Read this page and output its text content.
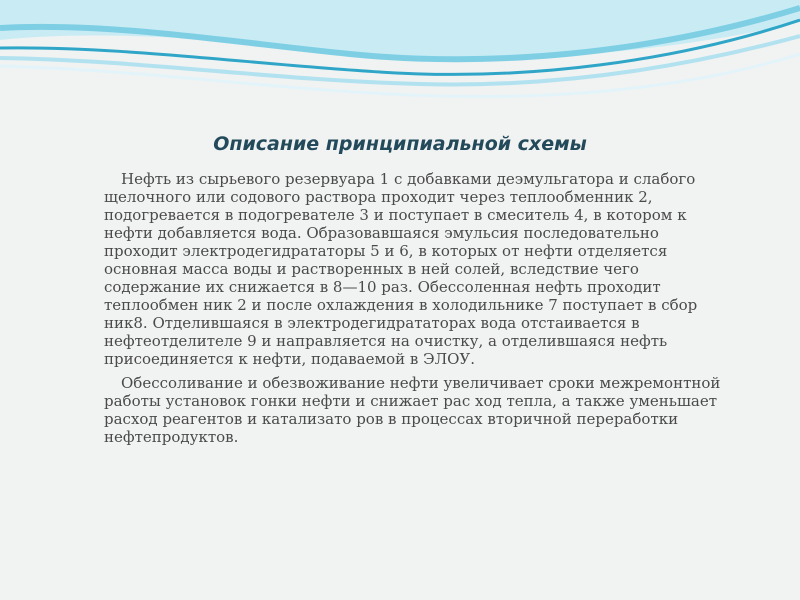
Описание принципиальной схемы

Нефть из сырьевого резервуара 1 с добавками деэмульгатора и слабого щелочного или содового раствора проходит через теплообменник 2, подогревается в подогревателе 3 и поступает в смеситель 4, в котором к нефти добавляется вода. Образовавшаяся эмульсия последовательно проходит электродегидрататоры 5 и 6, в которых от нефти отделяется основная масса воды и растворенных в ней солей, вследствие чего содержание их снижается в 8—10 раз. Обессоленная нефть проходит теплообмен ник 2 и после охлаждения в холодильнике 7 поступает в сбор ник8. Отделившаяся в электродегидрататорах вода отстаивается в нефтеотделителе 9 и направляется на очистку, а отделившаяся нефть присоединяется к нефти, подаваемой в ЭЛОУ.

Обессоливание и обезвоживание нефти увеличивает сроки межремонтной работы установок гонки нефти и снижает рас ход тепла, а также уменьшает расход реагентов и катализато ров в процессах вторичной переработки нефтепродуктов.
